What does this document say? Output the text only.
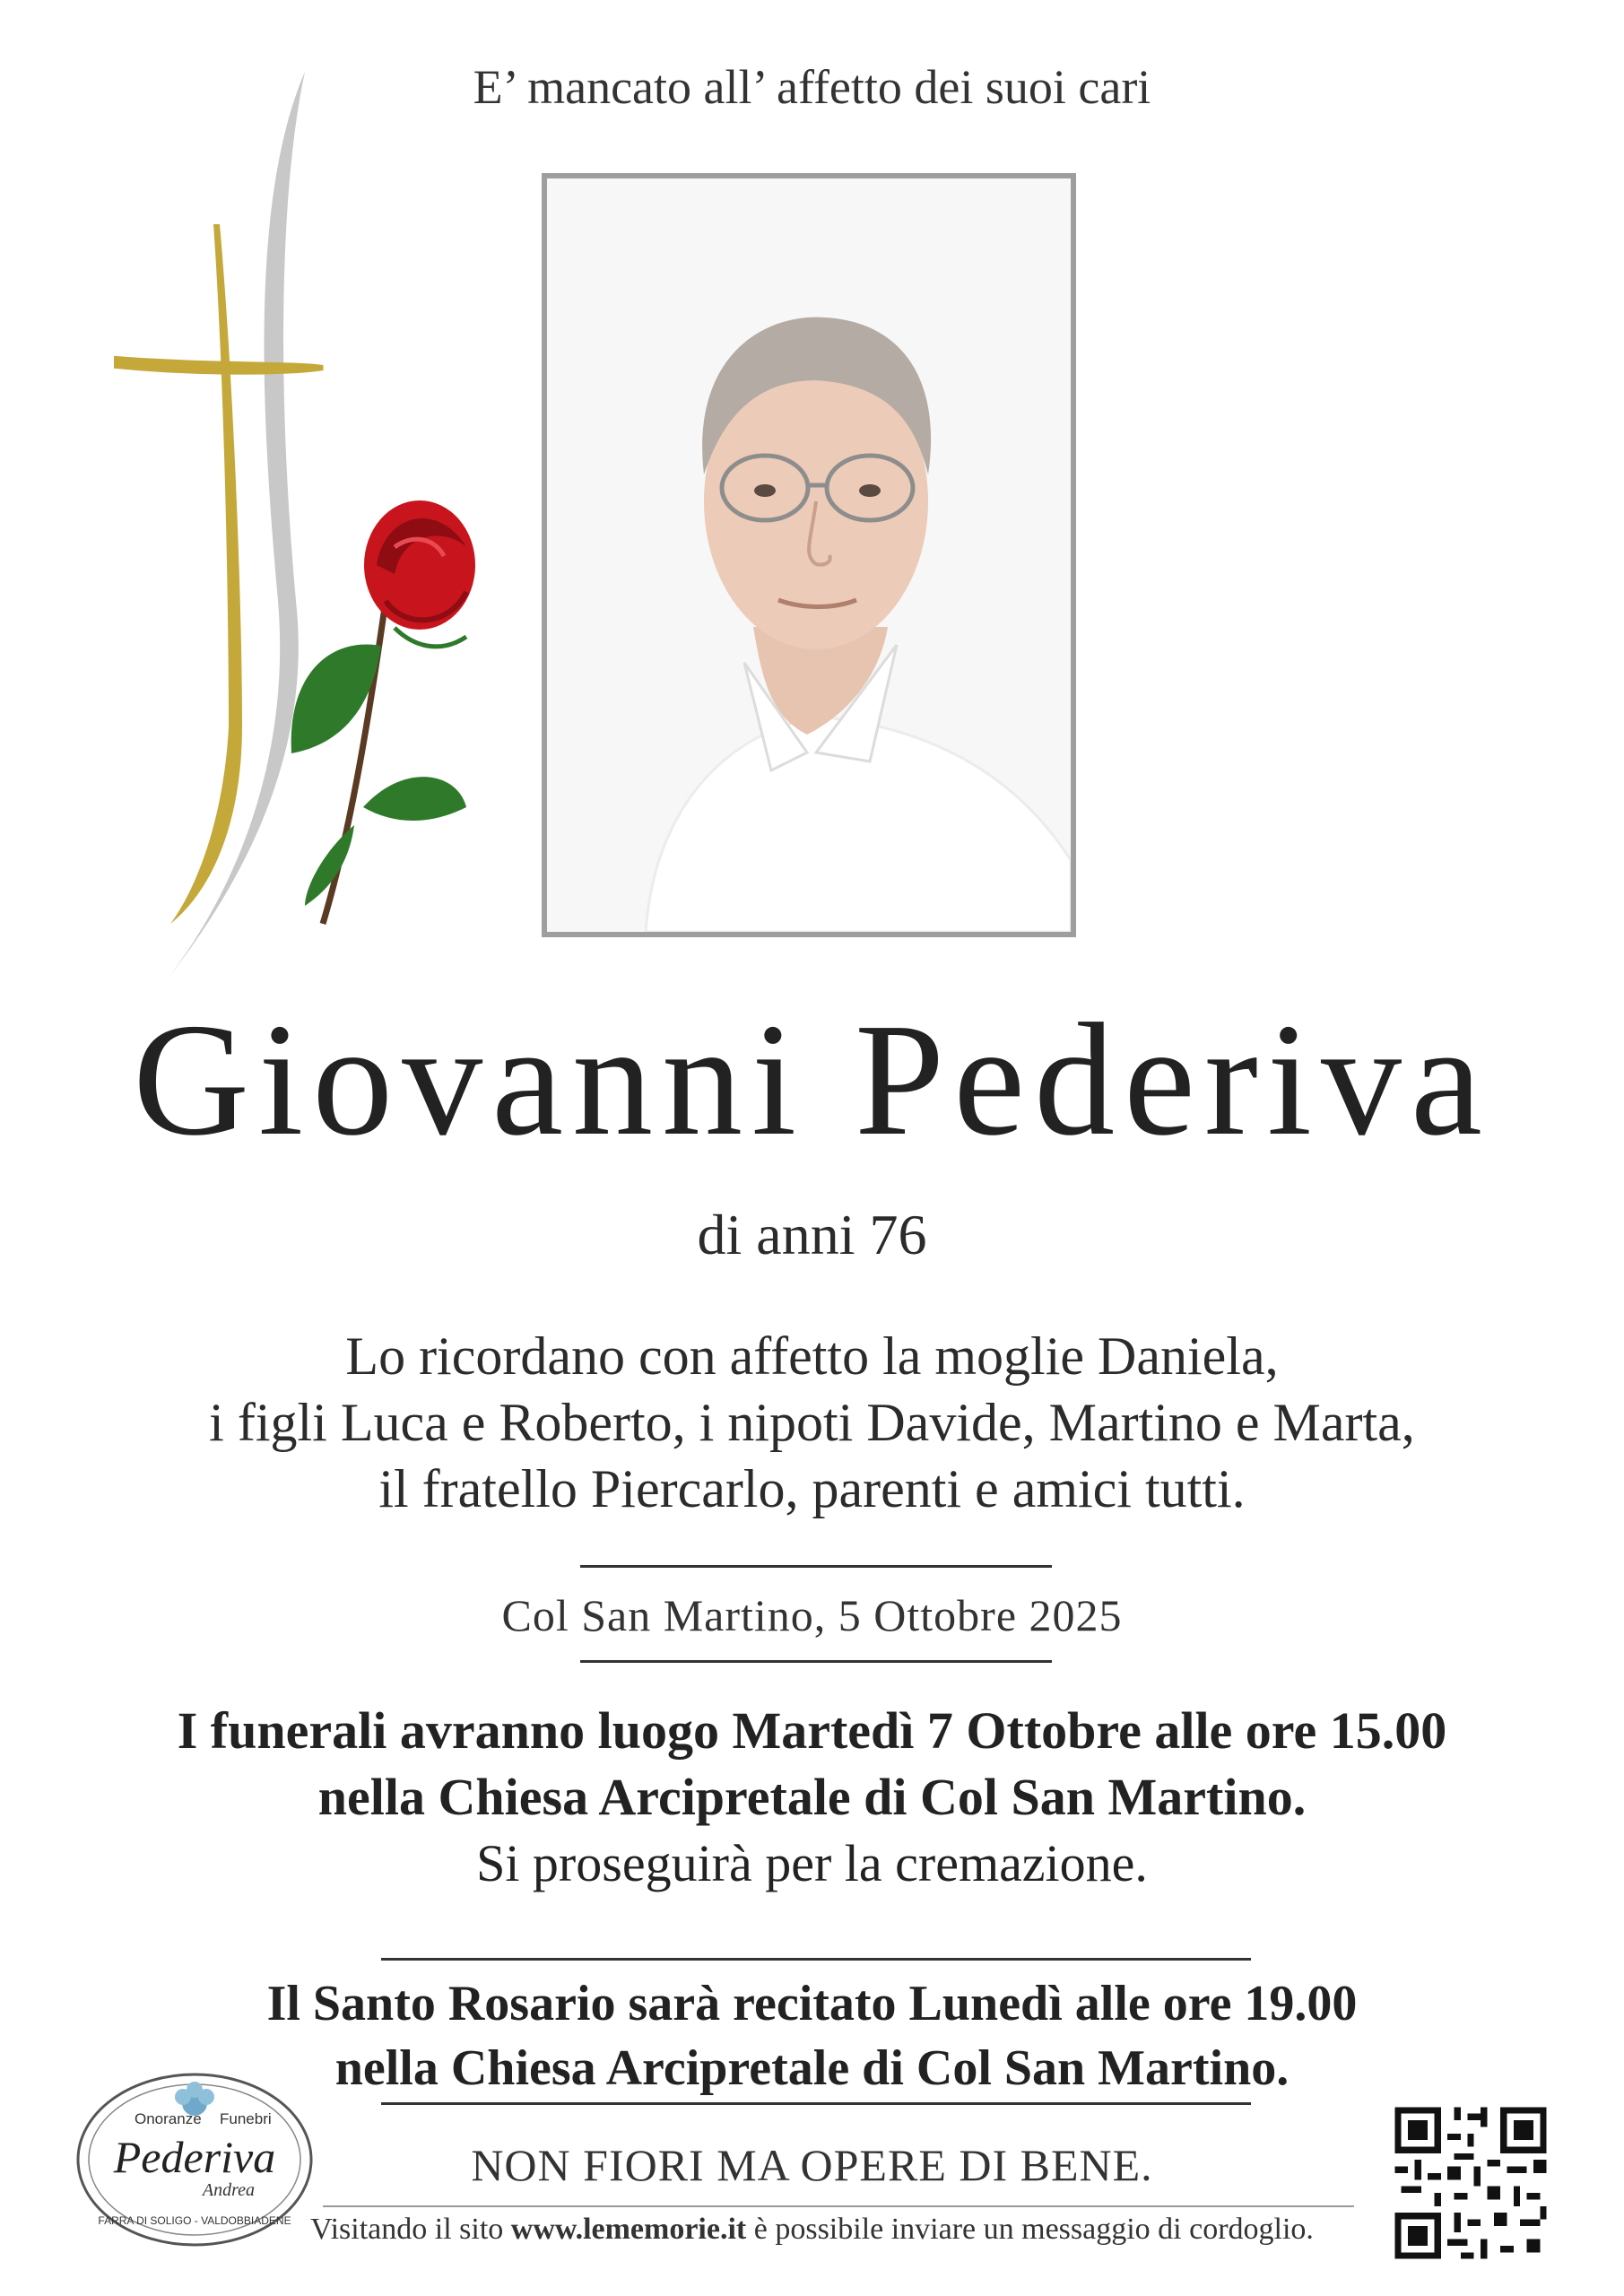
E’ mancato all’ affetto dei suoi cari
Giovanni Pederiva
di anni 76
Lo ricordano con affetto la moglie Daniela,
i figli Luca e Roberto, i nipoti Davide, Martino e Marta,
il fratello Piercarlo, parenti e amici tutti.
Col San Martino, 5 Ottobre 2025
I funerali avranno luogo Martedì 7 Ottobre alle ore 15.00
nella Chiesa Arcipretale di Col San Martino.
Si proseguirà per la cremazione.
Il Santo Rosario sarà recitato Lunedì alle ore 19.00
nella Chiesa Arcipretale di Col San Martino.
NON FIORI MA OPERE DI BENE.
Visitando il sito www.lememorie.it è possibile inviare un messaggio di cordoglio.
Onoranze Funebri
Pederiva
Andrea
FARRA DI SOLIGO - VALDOBBIADENE
